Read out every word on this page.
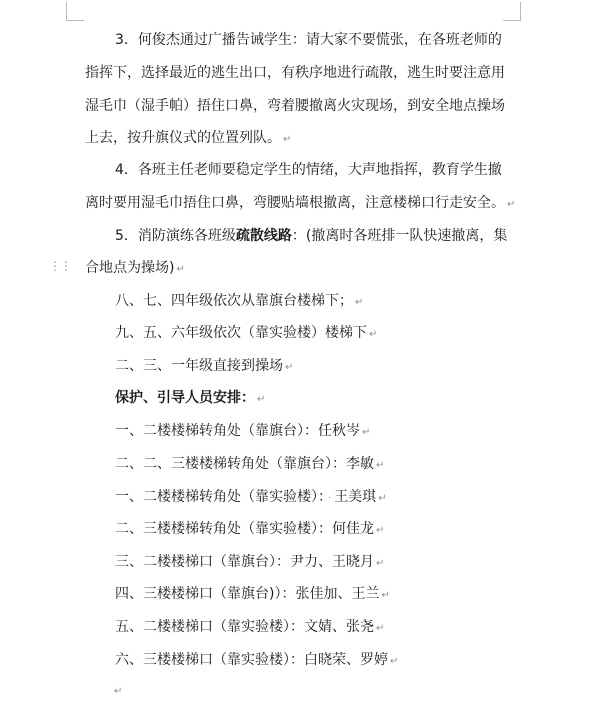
⋮⋮
3．何俊杰通过广播告诫学生：请大家不要慌张，在各班老师的
指挥下，选择最近的逃生出口，有秩序地进行疏散，逃生时要注意用
湿毛巾（湿手帕）捂住口鼻，弯着腰撤离火灾现场，到安全地点操场
上去，按升旗仪式的位置列队。 ↵
4．各班主任老师要稳定学生的情绪，大声地指挥，教育学生撤
离时要用湿毛巾捂住口鼻，弯腰贴墙根撤离，注意楼梯口行走安全。 ↵
5．消防演练各班级疏散线路：(撤离时各班排一队快速撤离，集
合地点为操场) ↵
八、七、四年级依次从靠旗台楼梯下； ↵
九、五、六年级依次（靠实验楼）楼梯下 ↵
二、三、一年级直接到操场 ↵
保护、引导人员安排： ↵
一、二楼楼梯转角处（靠旗台）：任秋岑 ↵
二、二、三楼楼梯转角处（靠旗台）：李敏 ↵
一、二楼楼梯转角处（靠实验楼）： · 王美琪 ↵
二、三楼楼梯转角处（靠实验楼）：何佳龙 ↵
三、二楼楼梯口（靠旗台）：尹力、王晓月 ↵
四、三楼楼梯口（靠旗台)）：张佳加、王兰 ↵
五、二楼楼梯口（靠实验楼）：文婧、张尧 ↵
六、三楼楼梯口（靠实验楼）：白晓荣、罗婷 ↵
↵
